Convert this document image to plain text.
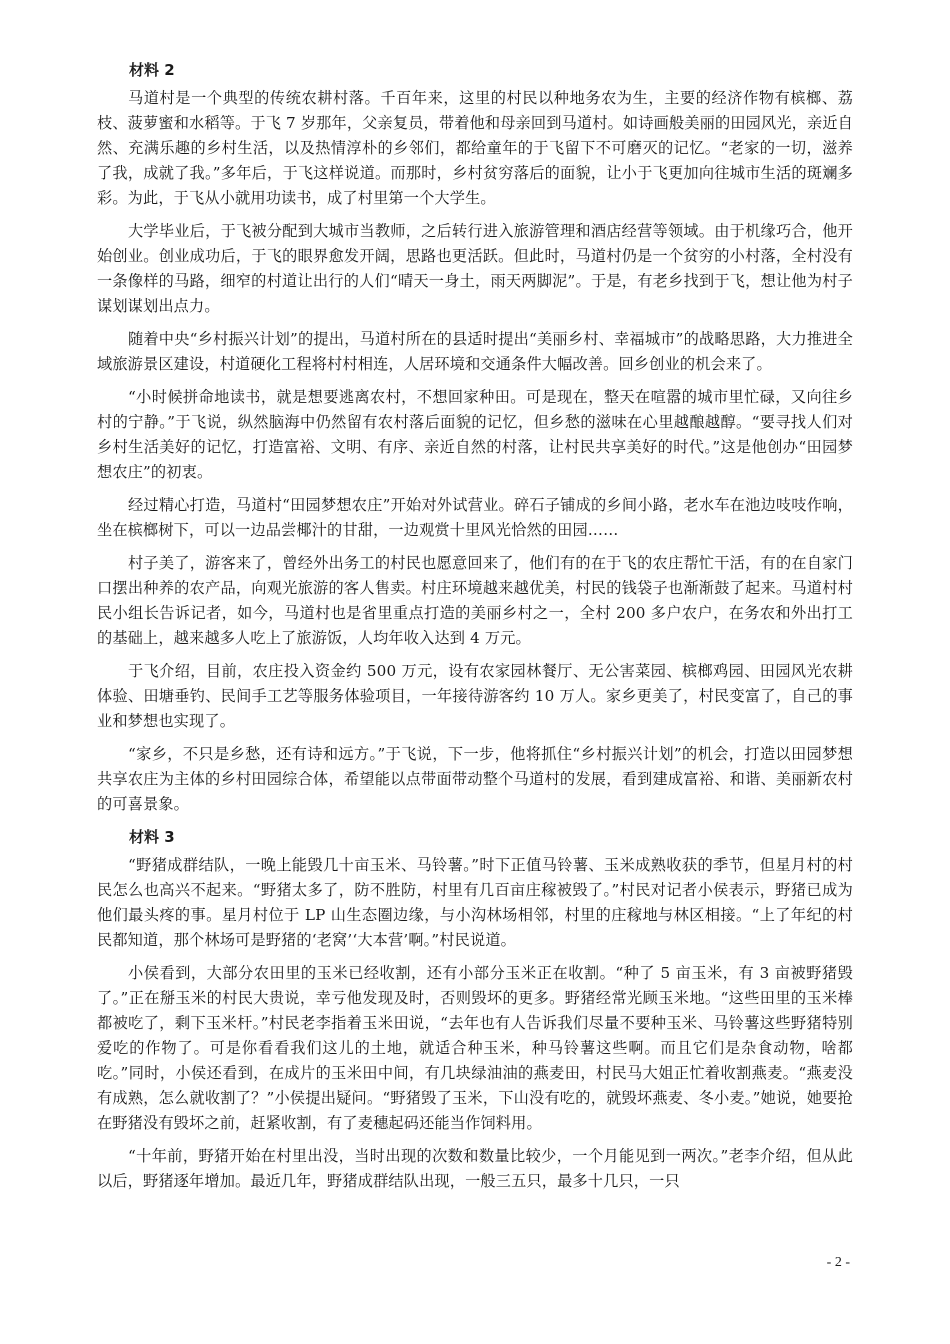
材料 2

马道村是一个典型的传统农耕村落。千百年来，这里的村民以种地务农为生，主要的经济作物有槟榔、荔枝、菠萝蜜和水稻等。于飞 7 岁那年，父亲复员，带着他和母亲回到马道村。如诗画般美丽的田园风光，亲近自然、充满乐趣的乡村生活，以及热情淳朴的乡邻们，都给童年的于飞留下不可磨灭的记忆。“老家的一切，滋养了我，成就了我。”多年后，于飞这样说道。而那时，乡村贫穷落后的面貌，让小于飞更加向往城市生活的斑斓多彩。为此，于飞从小就用功读书，成了村里第一个大学生。

大学毕业后，于飞被分配到大城市当教师，之后转行进入旅游管理和酒店经营等领域。由于机缘巧合，他开始创业。创业成功后，于飞的眼界愈发开阔，思路也更活跃。但此时，马道村仍是一个贫穷的小村落，全村没有一条像样的马路，细窄的村道让出行的人们“晴天一身土，雨天两脚泥”。于是，有老乡找到于飞，想让他为村子谋划谋划出点力。

随着中央“乡村振兴计划”的提出，马道村所在的县适时提出“美丽乡村、幸福城市”的战略思路，大力推进全域旅游景区建设，村道硬化工程将村村相连，人居环境和交通条件大幅改善。回乡创业的机会来了。

“小时候拼命地读书，就是想要逃离农村，不想回家种田。可是现在，整天在喧嚣的城市里忙碌，又向往乡村的宁静。”于飞说，纵然脑海中仍然留有农村落后面貌的记忆，但乡愁的滋味在心里越酿越醇。“要寻找人们对乡村生活美好的记忆，打造富裕、文明、有序、亲近自然的村落，让村民共享美好的时代。”这是他创办“田园梦想农庄”的初衷。

经过精心打造，马道村“田园梦想农庄”开始对外试营业。碎石子铺成的乡间小路，老水车在池边吱吱作响，坐在槟榔树下，可以一边品尝椰汁的甘甜，一边观赏十里风光恰然的田园……

村子美了，游客来了，曾经外出务工的村民也愿意回来了，他们有的在于飞的农庄帮忙干活，有的在自家门口摆出种养的农产品，向观光旅游的客人售卖。村庄环境越来越优美，村民的钱袋子也渐渐鼓了起来。马道村村民小组长告诉记者，如今，马道村也是省里重点打造的美丽乡村之一，全村 200 多户农户，在务农和外出打工的基础上，越来越多人吃上了旅游饭，人均年收入达到 4 万元。

于飞介绍，目前，农庄投入资金约 500 万元，设有农家园林餐厅、无公害菜园、槟榔鸡园、田园风光农耕体验、田塘垂钓、民间手工艺等服务体验项目，一年接待游客约 10 万人。家乡更美了，村民变富了，自己的事业和梦想也实现了。

“家乡，不只是乡愁，还有诗和远方。”于飞说，下一步，他将抓住“乡村振兴计划”的机会，打造以田园梦想共享农庄为主体的乡村田园综合体，希望能以点带面带动整个马道村的发展，看到建成富裕、和谐、美丽新农村的可喜景象。

材料 3

“野猪成群结队，一晚上能毁几十亩玉米、马铃薯。”时下正值马铃薯、玉米成熟收获的季节，但星月村的村民怎么也高兴不起来。“野猪太多了，防不胜防，村里有几百亩庄稼被毁了。”村民对记者小侯表示，野猪已成为他们最头疼的事。星月村位于 LP 山生态圈边缘，与小沟林场相邻，村里的庄稼地与林区相接。“上了年纪的村民都知道，那个林场可是野猪的‘老窝’‘大本营’啊。”村民说道。

小侯看到，大部分农田里的玉米已经收割，还有小部分玉米正在收割。“种了 5 亩玉米，有 3 亩被野猪毁了。”正在掰玉米的村民大贵说，幸亏他发现及时，否则毁坏的更多。野猪经常光顾玉米地。“这些田里的玉米棒都被吃了，剩下玉米杆。”村民老李指着玉米田说，“去年也有人告诉我们尽量不要种玉米、马铃薯这些野猪特别爱吃的作物了。可是你看看我们这儿的土地，就适合种玉米，种马铃薯这些啊。而且它们是杂食动物，啥都吃。”同时，小侯还看到，在成片的玉米田中间，有几块绿油油的燕麦田，村民马大姐正忙着收割燕麦。“燕麦没有成熟，怎么就收割了？”小侯提出疑问。“野猪毁了玉米，下山没有吃的，就毁坏燕麦、冬小麦。”她说，她要抢在野猪没有毁坏之前，赶紧收割，有了麦穗起码还能当作饲料用。

“十年前，野猪开始在村里出没，当时出现的次数和数量比较少，一个月能见到一两次。”老李介绍，但从此以后，野猪逐年增加。最近几年，野猪成群结队出现，一般三五只，最多十几只，一只

- 2 -
